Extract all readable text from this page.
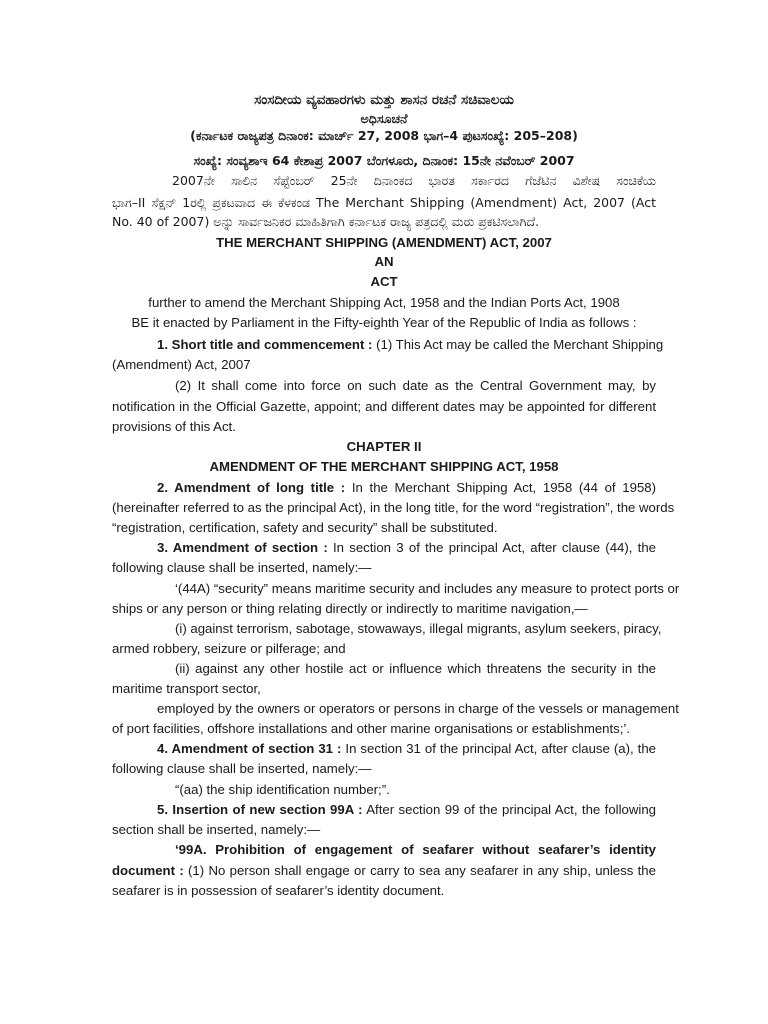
ಸಂಸದೀಯ ವ್ಯವಹಾರಗಳು ಮತ್ತು ಶಾಸನ ರಚನೆ ಸಚಿವಾಲಯ
ಅಧಿಸೂಚನೆ
(ಕರ್ನಾಟಕ ರಾಜ್ಯಪತ್ರ ದಿನಾಂಕ: ಮಾರ್ಚ್ 27, 2008 ಭಾಗ–4 ಪುಟಸಂಖ್ಯೆ: 205–208)
ಸಂಖ್ಯೆ: ಸಂವ್ಯಶಾಇ 64 ಕೇಶಾಪ್ರ 2007 ಬೆಂಗಳೂರು, ದಿನಾಂಕ: 15ನೇ ನವೆಂಬರ್ 2007
2007ನೇ ಸಾಲಿನ ಸೆಪ್ಟೆಂಬರ್ 25ನೇ ದಿನಾಂಕದ ಭಾರತ ಸರ್ಕಾರದ ಗೆಜೆಟಿನ ವಿಶೇಷ ಸಂಚಿಕೆಯ
ಭಾಗ–II ಸೆಕ್ಷನ್ 1ರಲ್ಲಿ ಪ್ರಕಟವಾದ ಈ ಕೆಳಕಂಡ The Merchant Shipping (Amendment) Act, 2007 (Act
No. 40 of 2007) ಅನ್ನು ಸಾರ್ವಜನಿಕರ ಮಾಹಿತಿಗಾಗಿ ಕರ್ನಾಟಕ ರಾಜ್ಯ ಪತ್ರದಲ್ಲಿ ಮರು ಪ್ರಕಟಿಸಲಾಗಿದೆ.
THE MERCHANT SHIPPING (AMENDMENT) ACT, 2007
AN
ACT
further to amend the Merchant Shipping Act, 1958 and the Indian Ports Act, 1908
BE it enacted by Parliament in the Fifty-eighth Year of the Republic of India as follows :
1. Short title and commencement : (1) This Act may be called the Merchant Shipping
(Amendment) Act, 2007
(2) It shall come into force on such date as the Central Government may, by
notification in the Official Gazette, appoint; and different dates may be appointed for different
provisions of this Act.
CHAPTER II
AMENDMENT OF THE MERCHANT SHIPPING ACT, 1958
2. Amendment of long title : In the Merchant Shipping Act, 1958 (44 of 1958)
(hereinafter referred to as the principal Act), in the long title, for the word “registration”, the words
“registration, certification, safety and security” shall be substituted.
3. Amendment of section : In section 3 of the principal Act, after clause (44), the
following clause shall be inserted, namely:—
‘(44A) “security” means maritime security and includes any measure to protect ports or
ships or any person or thing relating directly or indirectly to maritime navigation,—
(i) against terrorism, sabotage, stowaways, illegal migrants, asylum seekers, piracy,
armed robbery, seizure or pilferage; and
(ii) against any other hostile act or influence which threatens the security in the
maritime transport sector,
employed by the owners or operators or persons in charge of the vessels or management
of port facilities, offshore installations and other marine organisations or establishments;’.
4. Amendment of section 31 : In section 31 of the principal Act, after clause (a), the
following clause shall be inserted, namely:—
“(aa) the ship identification number;”.
5. Insertion of new section 99A : After section 99 of the principal Act, the following
section shall be inserted, namely:—
‘99A. Prohibition of engagement of seafarer without seafarer’s identity
document : (1) No person shall engage or carry to sea any seafarer in any ship, unless the
seafarer is in possession of seafarer’s identity document.
